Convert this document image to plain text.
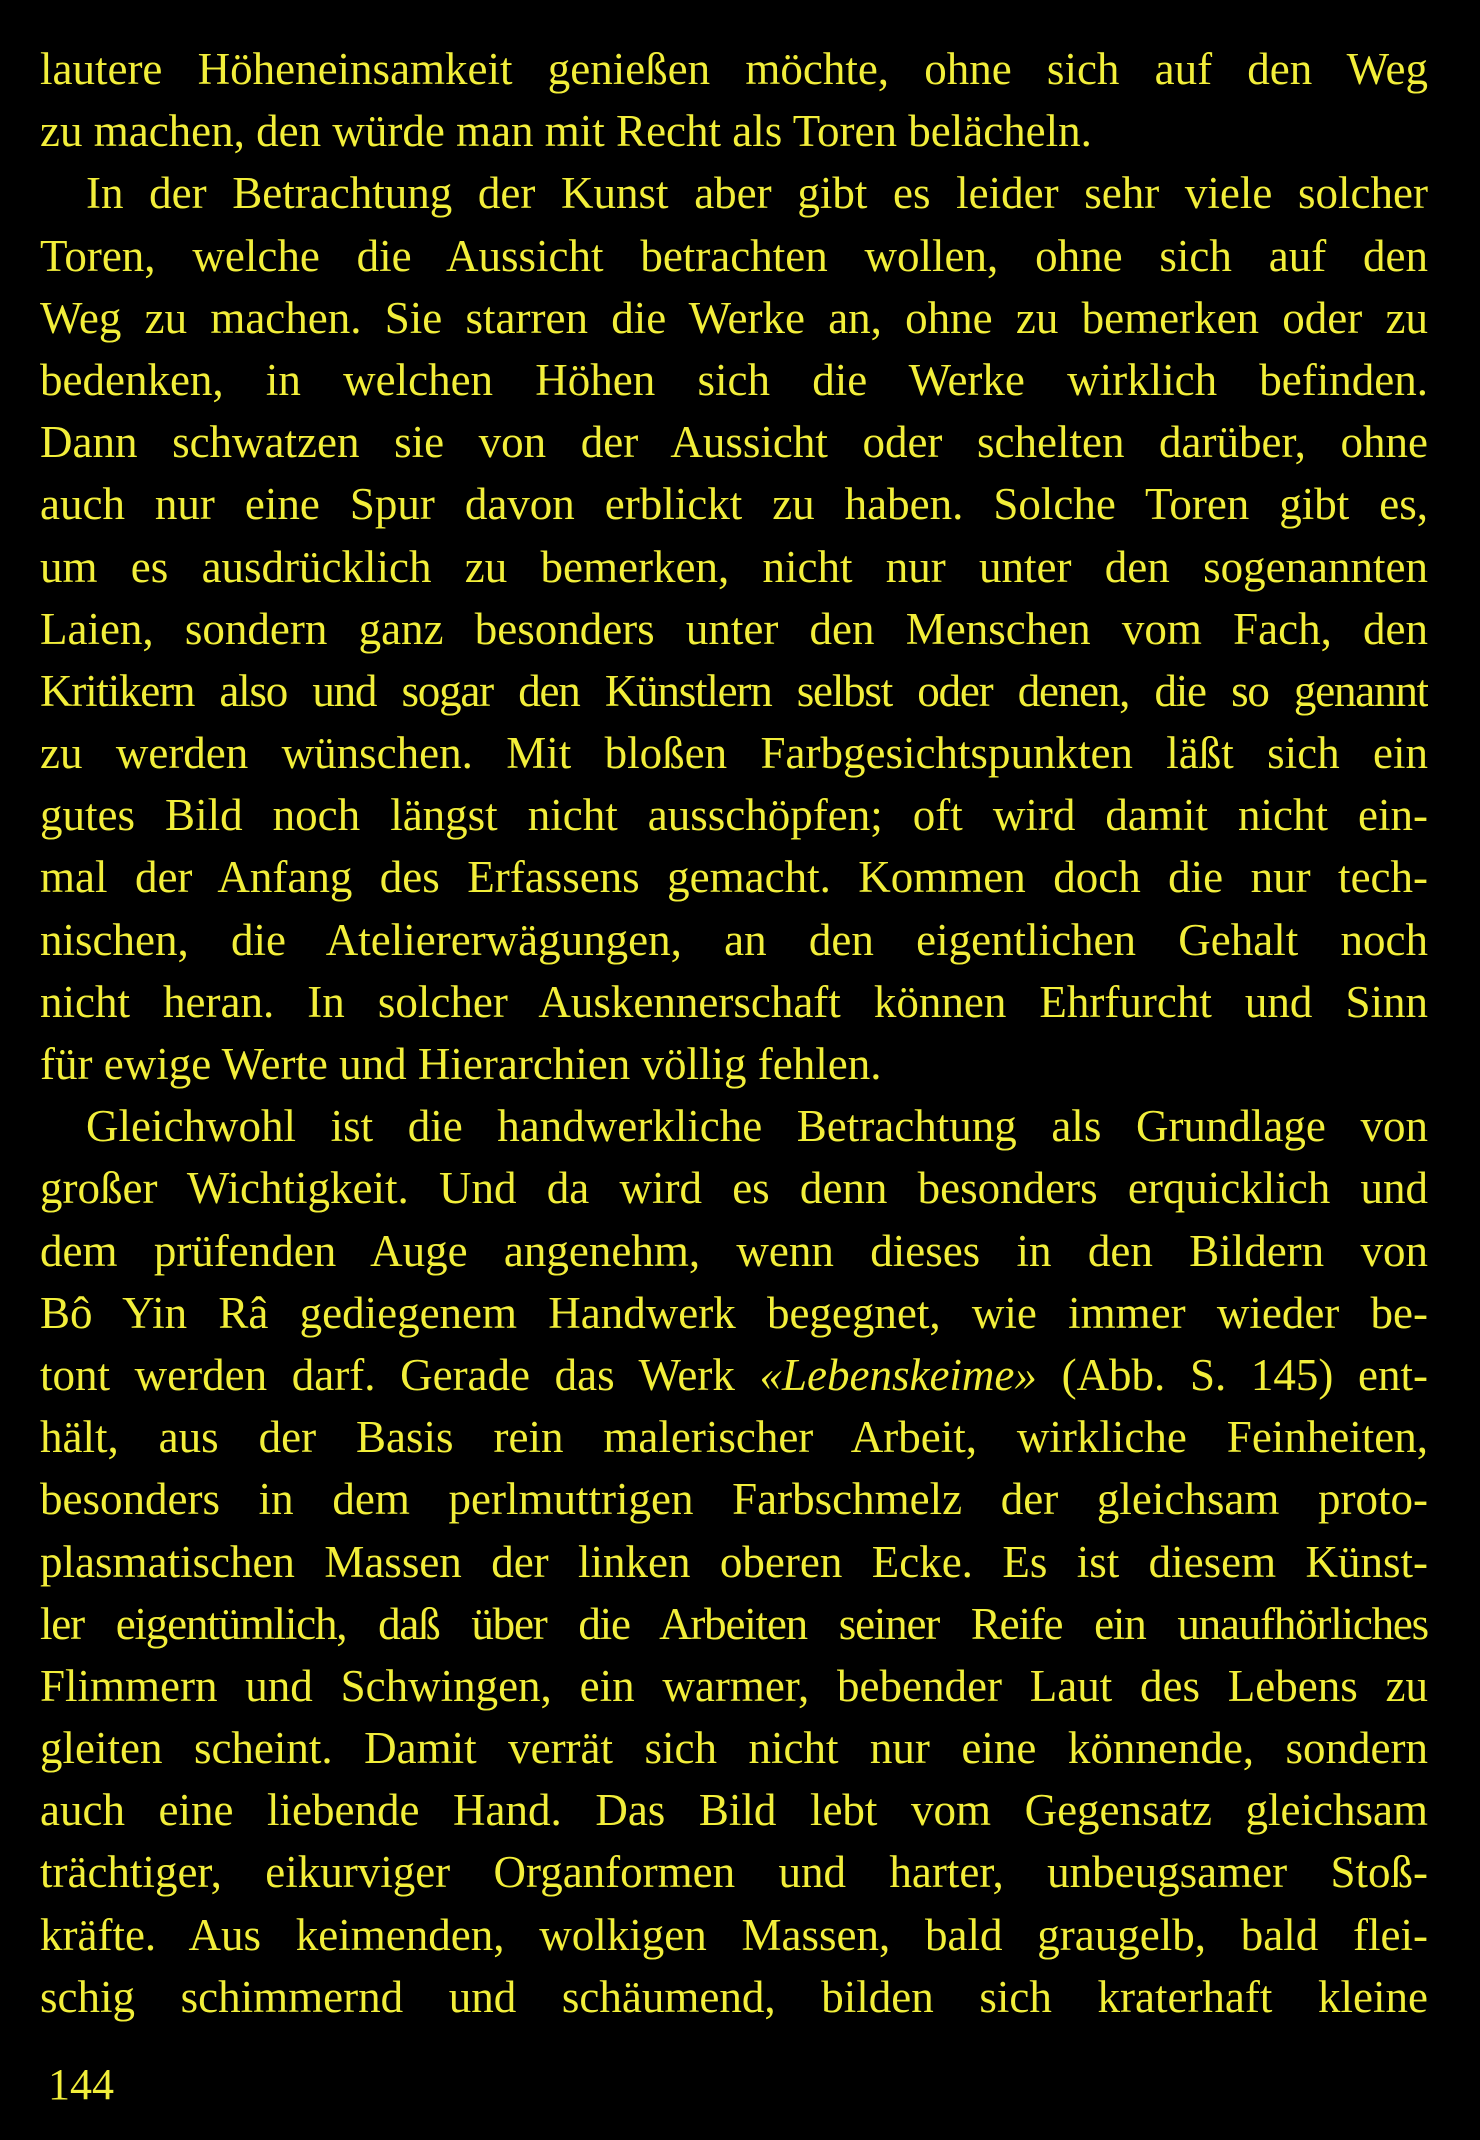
lautere Höheneinsamkeit genießen möchte, ohne sich auf den Weg
zu machen, den würde man mit Recht als Toren belächeln.
In der Betrachtung der Kunst aber gibt es leider sehr viele solcher
Toren, welche die Aussicht betrachten wollen, ohne sich auf den
Weg zu machen. Sie starren die Werke an, ohne zu bemerken oder zu
bedenken, in welchen Höhen sich die Werke wirklich befinden.
Dann schwatzen sie von der Aussicht oder schelten darüber, ohne
auch nur eine Spur davon erblickt zu haben. Solche Toren gibt es,
um es ausdrücklich zu bemerken, nicht nur unter den sogenannten
Laien, sondern ganz besonders unter den Menschen vom Fach, den
Kritikern also und sogar den Künstlern selbst oder denen, die so genannt
zu werden wünschen. Mit bloßen Farbgesichtspunkten läßt sich ein
gutes Bild noch längst nicht ausschöpfen; oft wird damit nicht ein-
mal der Anfang des Erfassens gemacht. Kommen doch die nur tech-
nischen, die Ateliererwägungen, an den eigentlichen Gehalt noch
nicht heran. In solcher Auskennerschaft können Ehrfurcht und Sinn
für ewige Werte und Hierarchien völlig fehlen.
Gleichwohl ist die handwerkliche Betrachtung als Grundlage von
großer Wichtigkeit. Und da wird es denn besonders erquicklich und
dem prüfenden Auge angenehm, wenn dieses in den Bildern von
Bô Yin Râ gediegenem Handwerk begegnet, wie immer wieder be-
tont werden darf. Gerade das Werk «Lebenskeime» (Abb. S. 145) ent-
hält, aus der Basis rein malerischer Arbeit, wirkliche Feinheiten,
besonders in dem perlmuttrigen Farbschmelz der gleichsam proto-
plasmatischen Massen der linken oberen Ecke. Es ist diesem Künst-
ler eigentümlich, daß über die Arbeiten seiner Reife ein unaufhörliches
Flimmern und Schwingen, ein warmer, bebender Laut des Lebens zu
gleiten scheint. Damit verrät sich nicht nur eine könnende, sondern
auch eine liebende Hand. Das Bild lebt vom Gegensatz gleichsam
trächtiger, eikurviger Organformen und harter, unbeugsamer Stoß-
kräfte. Aus keimenden, wolkigen Massen, bald graugelb, bald flei-
schig schimmernd und schäumend, bilden sich kraterhaft kleine
144
